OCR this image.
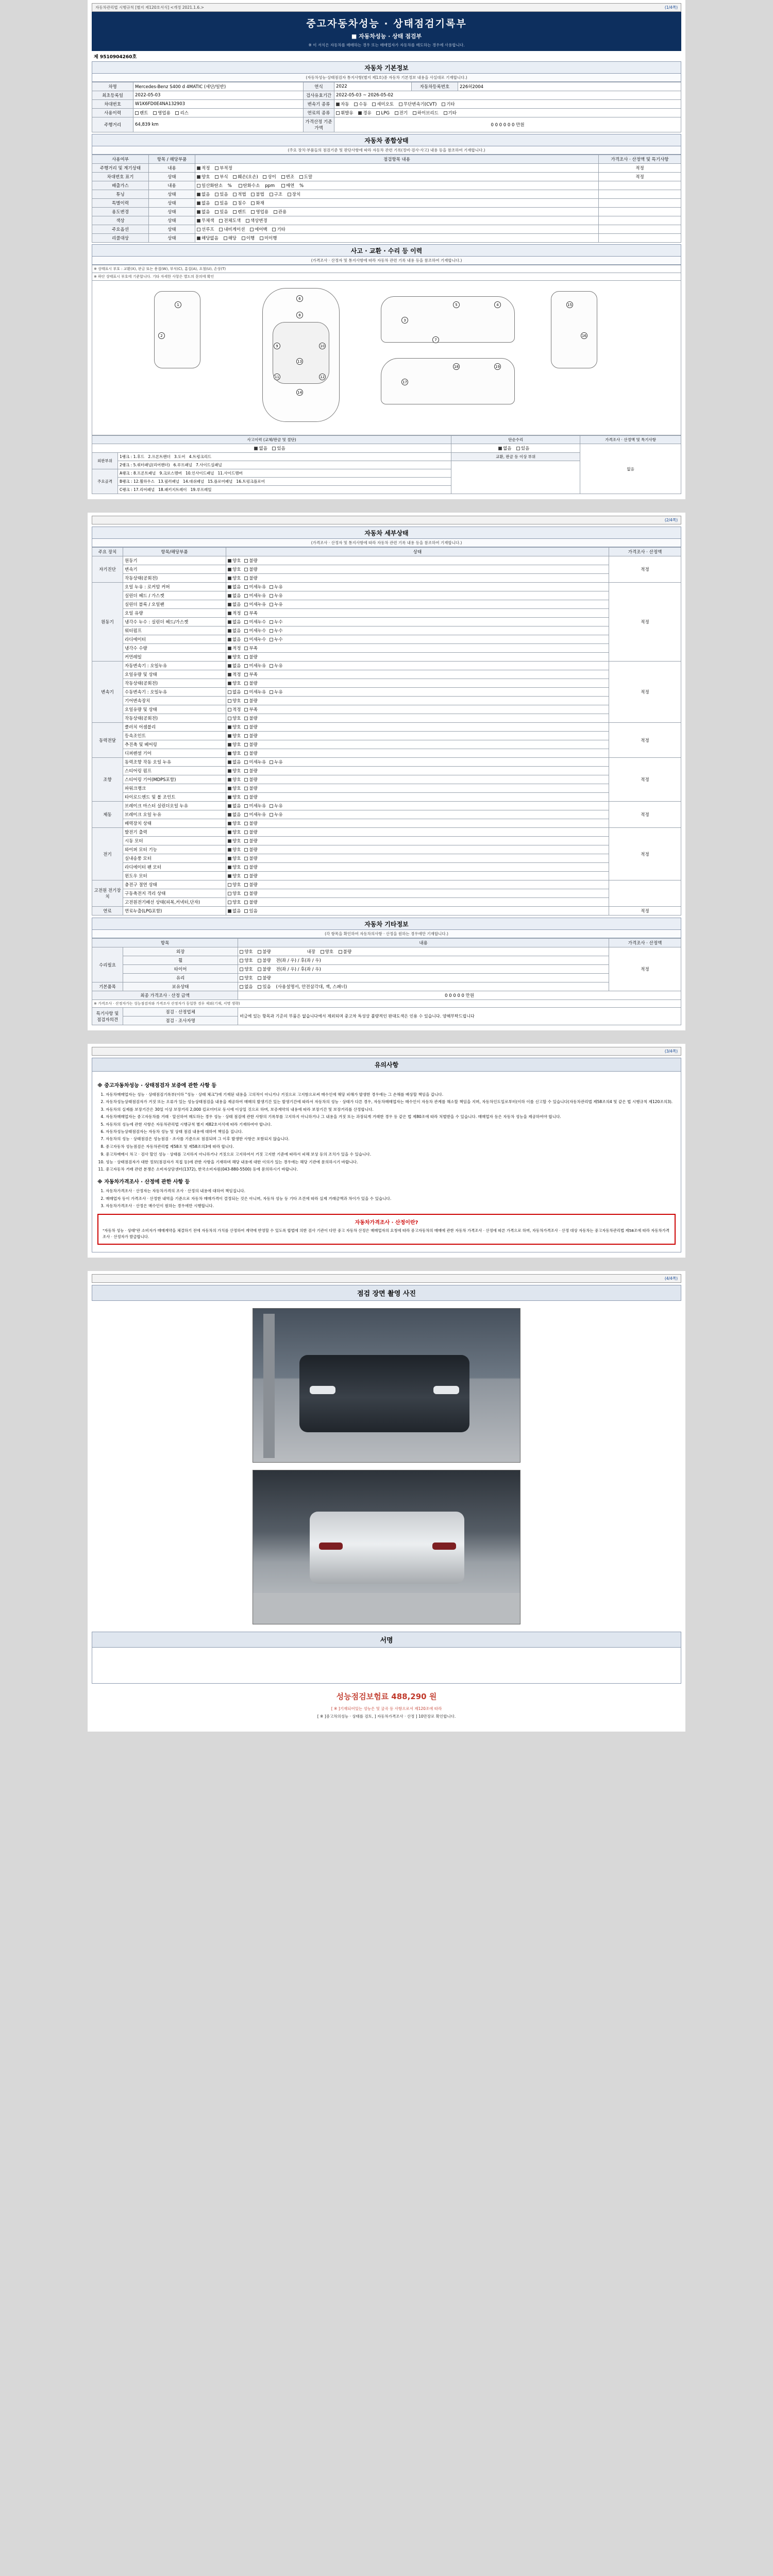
자동차관리법 시행규칙 [별지 제120호서식] <개정 2021.1.6.>	(1/4쪽)
중고자동차성능 · 상태점검기록부
■ 자동차성능 · 상태 점검부
※ 이 서식은 자동차를 매매하는 경우 또는 매매업자가 자동차를 매도하는 경우에 사용합니다.
제 9510904260호
자동차 기본정보
(자동차성능·상태점검자 통지사항(별지 제1호)중 자동차 기본정보 내용을 사실대로 기재합니다.)
차명	Mercedes-Benz S400 d 4MATIC (세단/일반)	연식	2022	자동차등록번호	226허2004
최초등록일	2022-05-03	검사유효기간	2022-05-03 ~ 2026-05-02		
차대번호	W1K6FD0E4NA132903	변속기 종류	자동 수동 세미오토 무단변속기(CVT) 기타		
사용이력	렌트 영업용 리스	연료의 종류	휘발유 경유 LPG 전기 하이브리드 기타		
주행거리	64,839 km	가격산정 기준가액	0 0 0 0 0 0 만원		
자동차 종합상태
(주요 장치·부품들의 점검기준 및 판단사항에 따라 자동차 관련 기록(정비·검사·사고) 내용 등을 참조하여 기재합니다.)
사용여부	항목 / 해당부품	점검항목 내용	가격조사 · 산정액 및 특기사항
주행거리 및 계기상태	내용	적정 부적정	적정
차대번호 표기	상태	양호 부식 훼손(오손) 상이 변조 도말	적정
배출가스	내용	일산화탄소 % 탄화수소 ppm 매연 %	
튜닝	상태	없음 있음 적법 불법 구조 장치	
특별이력	상태	없음 있음 침수 화재	
용도변경	상태	없음 있음 렌트 영업용 관용	
색상	상태	무채색 전체도색 색상변경	
주요옵션	상태	선루프 내비게이션 에어백 기타	
리콜대상	상태	해당없음 해당 이행 미이행	
사고 · 교환 · 수리 등 이력
(가격조사 · 산정자 및 통지사항에 따라 자동차 관련 기록 내용 등을 참조하여 기재합니다.)
※ 상태표시 부호 : 교환(X), 판금 또는 용접(W), 부식(C), 흠집(A), 요철(U), 손상(T)
※ 하단 상태표시 부호에 기준합니다. 기타 자세한 사항은 별도의 문의에 확인
1
2
3
4
5
6
7
8
9	10
11	12
13
14
15
16
17
18	19
사고이력 (교체/판금 및 절단)		단순수리	가격조사 · 산정액 및 특기사항
없음 있음		없음 있음	없음
외판부위	1랭크 : 1.후드   2.프론트팬더   3.도어   4.트렁크리드	교환, 판금 등 이상 부위	
	2랭크 : 5.쿼터패널(리어팬더)   6.루프패널   7.사이드실패널		
주요골격	A랭크 : 8.프론트패널   9.크로스멤버   10.인사이드패널   11.사이드멤버		
	B랭크 : 12.휠하우스   13.필러패널   14.대쉬패널   15.플로어패널   16.트렁크플로어		
	C랭크 : 17.리어패널   18.패키지트레이   19.루프레일		
(2/4쪽)
자동차 세부상태
(가격조사 · 산정자 및 통지사항에 따라 자동차 관련 기록 내용 등을 참조하여 기재합니다.)
주요 장치	항목/해당부품	상태	가격조사 · 산정액
자기진단	원동기	양호 불량	적정
	변속기	양호 불량	
	작동상태(공회전)	양호 불량	
원동기	오일 누유 : 로커암 커버	없음 미세누유 누유	적정
	실린더 헤드 / 가스켓	없음 미세누유 누유	
	실린더 블록 / 오일팬	없음 미세누유 누유	
	오일 유량	적정 부족	
	냉각수 누수 : 실린더 헤드/가스켓	없음 미세누수 누수	
	워터펌프	없음 미세누수 누수	
	라디에이터	없음 미세누수 누수	
	냉각수 수량	적정 부족	
	커먼레일	양호 불량	
변속기	자동변속기 : 오일누유	없음 미세누유 누유	적정
	오일유량 및 상태	적정 부족	
	작동상태(공회전)	양호 불량	
	수동변속기 : 오일누유	없음 미세누유 누유	
	기어변속장치	양호 불량	
	오일유량 및 상태	적정 부족	
	작동상태(공회전)	양호 불량	
동력전달	클러치 어셈블리	양호 불량	적정
	등속조인트	양호 불량	
	추진축 및 베어링	양호 불량	
	디퍼렌셜 기어	양호 불량	
조향	동력조향 작동 오일 누유	없음 미세누유 누유	적정
	스티어링 펌프	양호 불량	
	스티어링 기어(MDPS포함)	양호 불량	
	파워크랭크	양호 불량	
	타이로드엔드 및 볼 조인트	양호 불량	
제동	브레이크 마스터 실린더오일 누유	없음 미세누유 누유	적정
	브레이크 오일 누유	없음 미세누유 누유	
	배력장치 상태	양호 불량	
전기	발전기 출력	양호 불량	적정
	시동 모터	양호 불량	
	와이퍼 모터 기능	양호 불량	
	실내송풍 모터	양호 불량	
	라디에이터 팬 모터	양호 불량	
	윈도우 모터	양호 불량	
고전원 전기장치	충전구 절연 상태	양호 불량	
	구동축전지 격리 상태	양호 불량	
	고전원전기배선 상태(피복,커넥터,단자)	양호 불량	
연료	연료누출(LPG포함)	없음 있음	적정
자동차 기타정보
(각 항목을 확인하여 자동차의사항 · 산정을 원하는 경우에만 기재합니다.)
항목		내용	가격조사 · 산정액
수리필요	외장	양호 불량 내장 양호 불량	적정
	휠	양호 불량 전(좌 / 우) / 후(좌 / 우)	
	타이어	양호 불량 전(좌 / 우) / 후(좌 / 우)	
	유리	양호 불량	
기본품목	보유상태	없음 있음 (사용설명서, 안전삼각대, 잭, 스패너)	
최종 가격조사 · 산정 금액		0 0 0 0 0 만원	
※ 가격조사 · 산정자가는 성능점검자와 가격조사 산정자가 동일한 경우 제외(기재, 서명 생략)			
특기사항 및 점검자의견	점검 · 산정업체	비금에 있는 항목과 기준의 부품은 없습니다에서 제외되며 중고차 특성상 불량적인 판대도색은 인용 수 있습니다. 양해부탁드립니다	
	점검 · 조사자명		
(3/4쪽)
유의사항
※ 중고자동차성능 · 상태점검자 보증에 관한 사항 등
1. 자동차매매업자는 성능 · 상태점검기록부(이하 "성능 · 상태 체크")에 기재된 내용을 고의적이 아니거나 거짓으로 고지함으로써 매수인에 해당 피해가 발생한 경우에는 그 손해를 배상할 책임을 갑니다.
2. 자동차성능상태점검자가 거짓 또는 오류가 있는 성능상태점검을 내용을 제공하여 매매의 발생기간 있는 발생기간에 따라서 자동차의 성능 · 상태가 다른 경우, 자동차매매업자는 매수인이 자동차 관계를 해소할 책임을 지며, 자동차인도일로부터(이하 이를 신고할 수 있습니다(자동차관리법 제58조의4 및 같은 법 시행규칙 제120조의3).
3. 자동차의 실제를 보장기간은 30일 이상 보장거리 2,000 킬로미터로 동시에 이상일 것으로 하며, 보증계약의 내용에 따라 보장기간 및 보장거리를 산정합니다.
4. 자동차매매업자는 중고자동차를 거래 · 알선하여 매도하는 경우 성능 · 상태 점검에 관한 사항의 기록부를 고지하지 아니하거나 그 내용을 거짓 또는 과장되게 거래한 경우 등 같은 법 제80조에 따라 처벌받을 수 있습니다. 매매업자 등은 자동차 성능을 제공하여야 합니다.
5. 자동차의 성능에 관한 사항은 자동차관리법 시행규칙 별지 제82호서식에 따라 기재하여야 합니다.
6. 자동차성능상태점검자는 자동차 성능 및 상태 점검 내용에 대하여 책임을 집니다.
7. 자동차의 성능 · 상태점검은 성능점검 · 조사를 기준으로 점검되며 그 이후 발생한 사항은 포함되지 않습니다.
8. 중고자동차 성능점검은 자동차관리법 제58조 및 제58조의3에 따라 합니다.
9. 중고차매매시 차고 · 검사 할인 성능 · 상태를 고지하지 아니하거나 거짓으로 고지하여서 거짓 고지한 기준에 따라서 피해 보상 등의 조치가 있을 수 있습니다.
10. 성능 · 상태점검자가 대한 정보(점검자가 직접 등)에 관한 사항을 기재하며 해당 내용에 대한 이의가 있는 경우에는 해당 기관에 문의하시기 바랍니다.
11. 중고자동차 거래 관련 분쟁은 소비자상담센터(1372), 한국소비자원(043-880-5500) 등에 문의하시기 바랍니다.
※ 자동차가격조사 · 산정에 관한 사항 등
1. 자동차가격조사 · 산정자는 자동차가격의 조사 · 산정의 내용에 대하여 책임집니다.
2. 매매업자 등이 가격조사 · 산정한 내역을 기준으로 자동차 매매가격이 결정되는 것은 아니며, 자동차 성능 등 기타 조건에 따라 실제 거래금액과 차이가 있을 수 있습니다.
3. 자동차가격조사 · 산정은 매수인이 원하는 경우에만 시행합니다.
자동차가격조사 · 산정이란?

"자동차 성능 · 상태"란 소비자가 매매계약을 체결하기 전에 자동차의 가치를 산정하여 계약에 반영할 수 있도록 합법에 의한 검사 기관이 다만 중고 자동차 산정은 매매업자의 요청에 따라 중고자동차의 매매에 관한 자동차 가격조사 · 산정에 따른 가격으로 하며, 자동차가격조사 · 산정 대상 자동차는 중고자동차관리법 제58조에 따라 자동차가격조사 · 산정자가 발급합니다.

(4/4쪽)
점검 장면 촬영 사진
서명
성능점검보험료 488,290 원
[ ※ ]기재되어있는 성능은 및 굴곡 등 사항으로서 제120조에 따라
[ ※ ]중고차의성능 · 상태를 검토, ] 자동차가격조사 · 산정 ] 10만장로 확인합니다.
